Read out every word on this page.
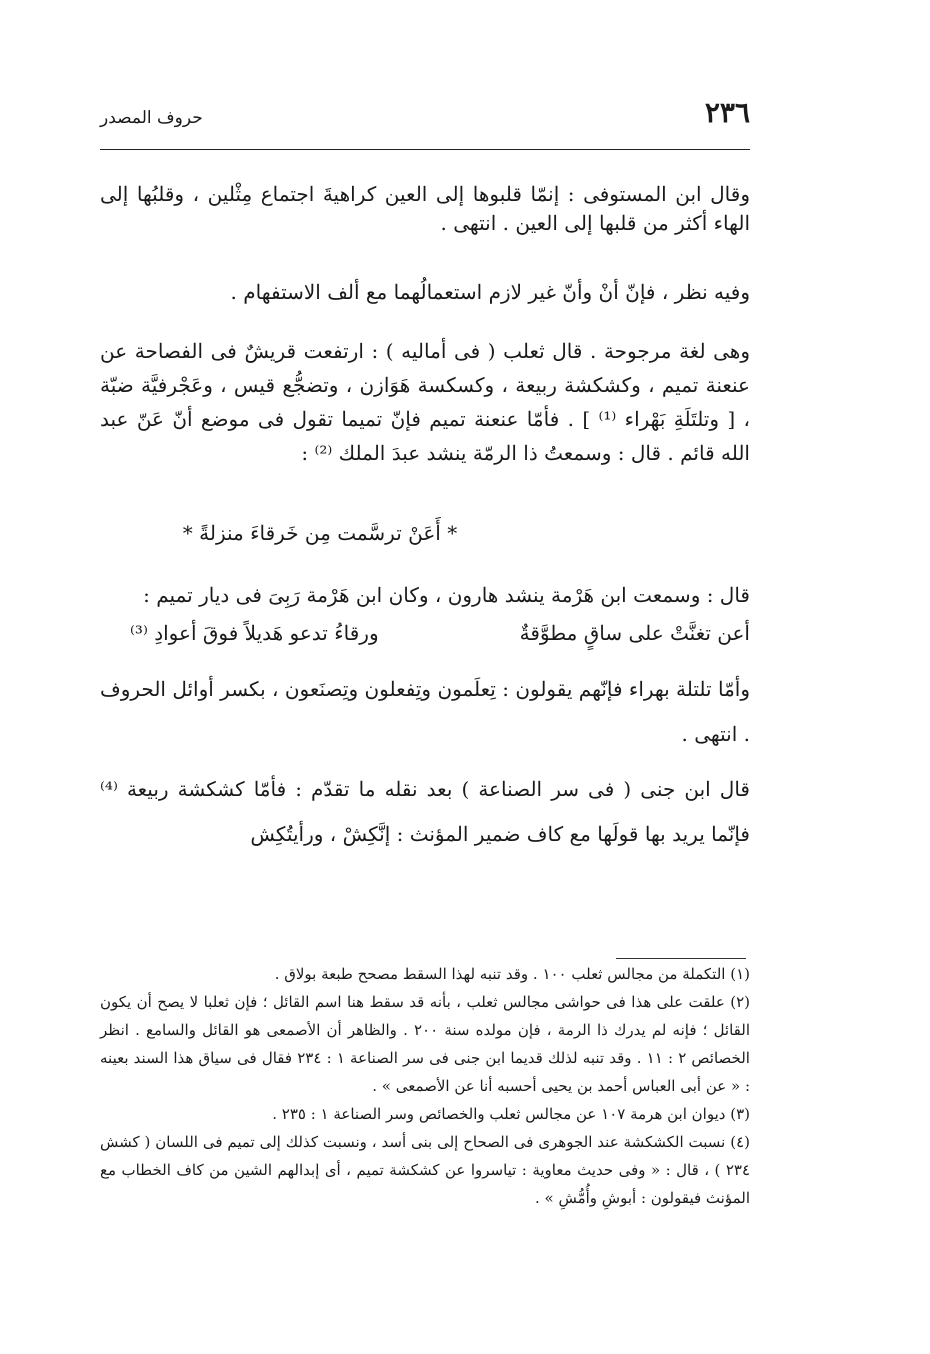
٢٣٦
حروف المصدر

وقال ابن المستوفى : إنمّا قلبوها إلى العين كراهيةَ اجتماع مِثْلين ، وقلبُها إلى الهاء أكثر من قلبها إلى العين . انتهى .

وفيه نظر ، فإنّ أنْ وأنّ غير لازم استعمالُهما مع ألف الاستفهام .

وهى لغة مرجوحة . قال ثعلب ( فى أماليه ) : ارتفعت قريشٌ فى الفصاحة عن عنعنة تميم ، وكشكشة ربيعة ، وكسكسة هَوَازن ، وتضجُّع قيس ، وعَجْرفيَّة ضبّة ، [ وتلتَلَةِ بَهْراء ⁽¹⁾ ] . فأمّا عنعنة تميم فإنّ تميما تقول فى موضع أنّ عَنّ عبد الله قائم . قال : وسمعتُ ذا الرمّة ينشد عبدَ الملك ⁽²⁾ :

* أَعَنْ ترسَّمت مِن خَرقاءَ منزلةً *

قال : وسمعت ابن هَرْمة ينشد هارون ، وكان ابن هَرْمة رَبِىَ فى ديار تميم :

أعن تغنَّتْ على ساقٍ مطوَّقةٌ
ورقاءُ تدعو هَديلاً فوقَ أعوادِ ⁽³⁾

وأمّا تلتلة بهراء فإنّهم يقولون : تِعلَمون وتِفعلون وتِصنَعون ، بكسر أوائل الحروف . انتهى .

قال ابن جنى ( فى سر الصناعة ) بعد نقله ما تقدّم : فأمّا كشكشة ربيعة ⁽⁴⁾ فإنّما يريد بها قولَها مع كاف ضمير المؤنث : إنَّكِشْ ، ورأيتُكِش

(١) التكملة من مجالس ثعلب ١٠٠ . وقد تنبه لهذا السقط مصحح طبعة بولاق .

(٢) علقت على هذا فى حواشى مجالس ثعلب ، بأنه قد سقط هنا اسم القائل ؛ فإن ثعلبا لا يصح أن يكون القائل ؛ فإنه لم يدرك ذا الرمة ، فإن مولده سنة ٢٠٠ . والظاهر أن الأصمعى هو القائل والسامع . انظر الخصائص ٢ : ١١ . وقد تنبه لذلك قديما ابن جنى فى سر الصناعة ١ : ٢٣٤ فقال فى سياق هذا السند بعينه : « عن أبى العباس أحمد بن يحيى أحسبه أنا عن الأصمعى » .

(٣) ديوان ابن هرمة ١٠٧ عن مجالس ثعلب والخصائص وسر الصناعة ١ : ٢٣٥ .

(٤) نسبت الكشكشة عند الجوهرى فى الصحاح إلى بنى أسد ، ونسبت كذلك إلى تميم فى اللسان ( كشش ٢٣٤ ) ، قال : « وفى حديث معاوية : تياسروا عن كشكشة تميم ، أى إبدالهم الشين من كاف الخطاب مع المؤنث فيقولون : أبوشِ وأُمُّشِ » .
